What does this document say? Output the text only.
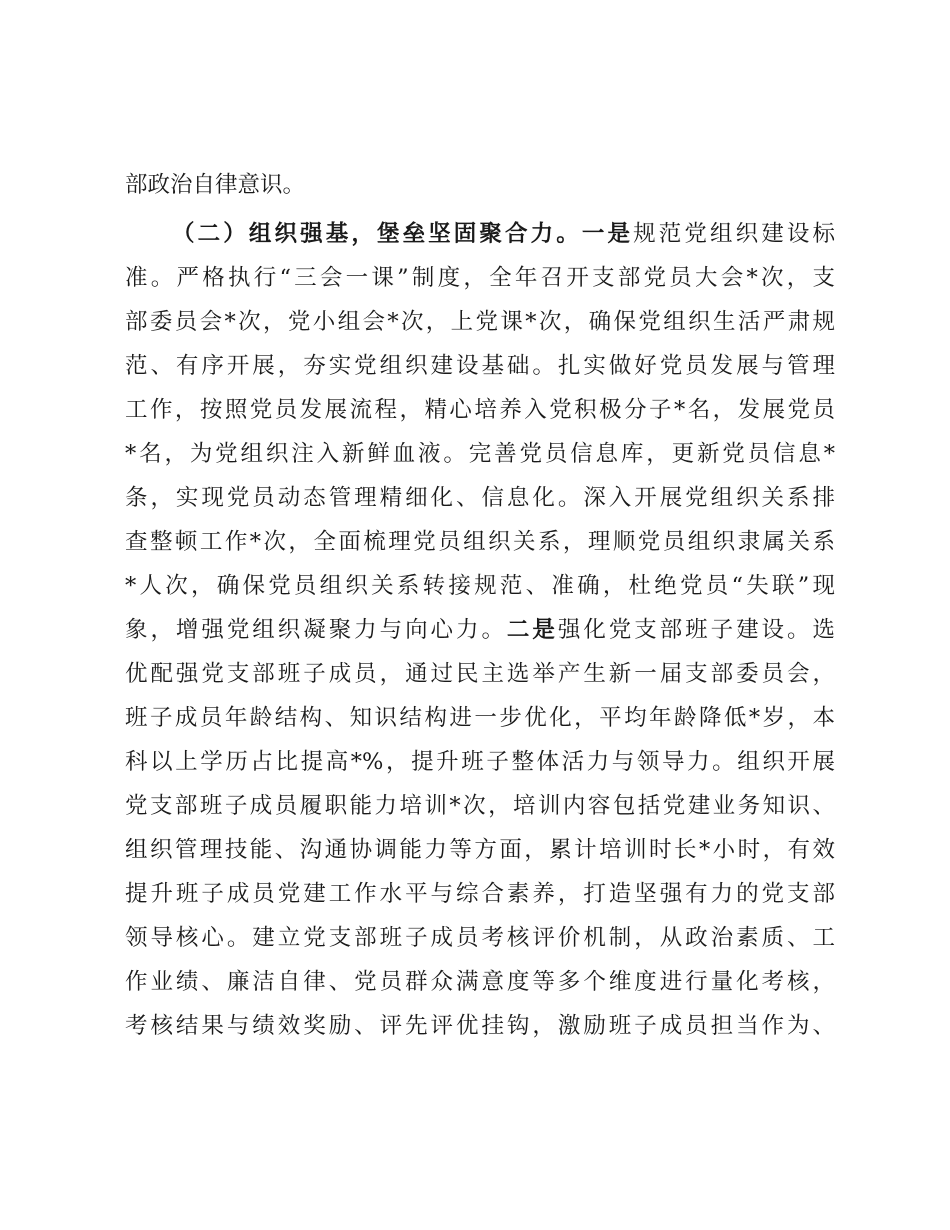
部政治自律意识。
（二）组织强基，堡垒坚固聚合力。一是规范党组织建设标
准。严格执行“三会一课”制度，全年召开支部党员大会*次，支
部委员会*次，党小组会*次，上党课*次，确保党组织生活严肃规
范、有序开展，夯实党组织建设基础。扎实做好党员发展与管理
工作，按照党员发展流程，精心培养入党积极分子*名，发展党员
*名，为党组织注入新鲜血液。完善党员信息库，更新党员信息*
条，实现党员动态管理精细化、信息化。深入开展党组织关系排
查整顿工作*次，全面梳理党员组织关系，理顺党员组织隶属关系
*人次，确保党员组织关系转接规范、准确，杜绝党员“失联”现
象，增强党组织凝聚力与向心力。二是强化党支部班子建设。选
优配强党支部班子成员，通过民主选举产生新一届支部委员会，
班子成员年龄结构、知识结构进一步优化，平均年龄降低*岁，本
科以上学历占比提高*%，提升班子整体活力与领导力。组织开展
党支部班子成员履职能力培训*次，培训内容包括党建业务知识、
组织管理技能、沟通协调能力等方面，累计培训时长*小时，有效
提升班子成员党建工作水平与综合素养，打造坚强有力的党支部
领导核心。建立党支部班子成员考核评价机制，从政治素质、工
作业绩、廉洁自律、党员群众满意度等多个维度进行量化考核，
考核结果与绩效奖励、评先评优挂钩，激励班子成员担当作为、
